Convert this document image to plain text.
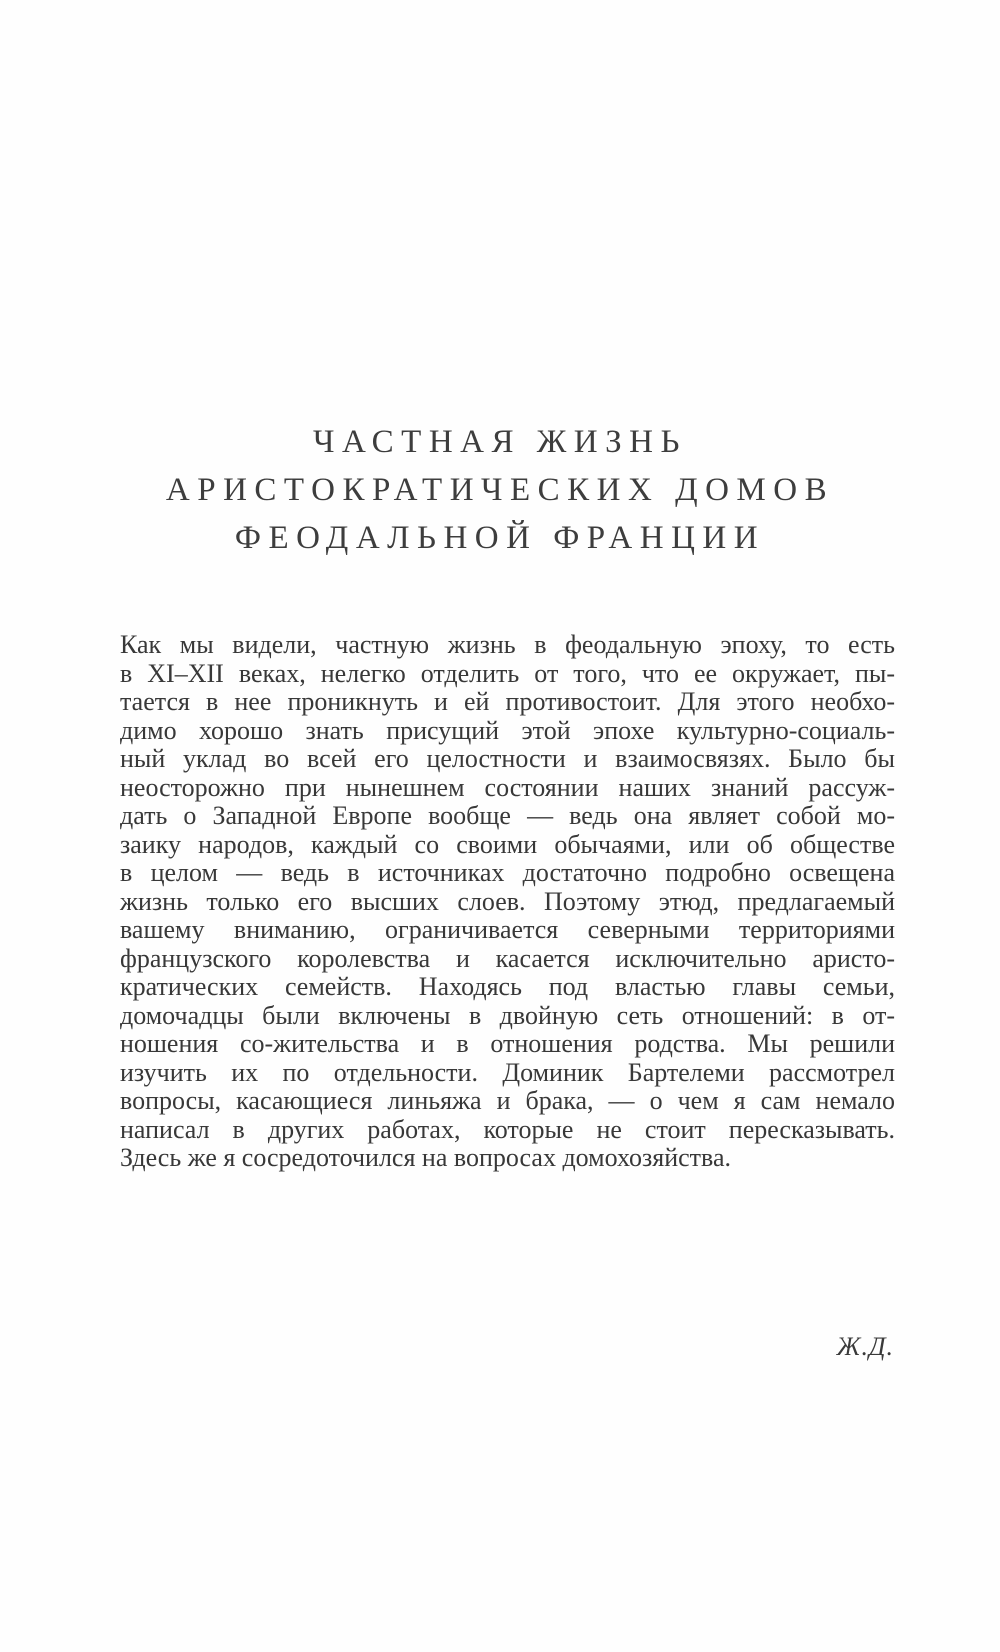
ЧАСТНАЯ ЖИЗНЬ
АРИСТОКРАТИЧЕСКИХ ДОМОВ
ФЕОДАЛЬНОЙ ФРАНЦИИ

Как мы видели, частную жизнь в феодальную эпоху, то есть
в XI–XII веках, нелегко отделить от того, что ее окружает, пы-
тается в нее проникнуть и ей противостоит. Для этого необхо-
димо хорошо знать присущий этой эпохе культурно-социаль-
ный уклад во всей его целостности и взаимосвязях. Было бы
неосторожно при нынешнем состоянии наших знаний рассуж-
дать о Западной Европе вообще — ведь она являет собой мо-
заику народов, каждый со своими обычаями, или об обществе
в целом — ведь в источниках достаточно подробно освещена
жизнь только его высших слоев. Поэтому этюд, предлагаемый
вашему вниманию, ограничивается северными территориями
французского королевства и касается исключительно аристо-
кратических семейств. Находясь под властью главы семьи,
домочадцы были включены в двойную сеть отношений: в от-
ношения со-жительства и в отношения родства. Мы решили
изучить их по отдельности. Доминик Бартелеми рассмотрел
вопросы, касающиеся линьяжа и брака, — о чем я сам немало
написал в других работах, которые не стоит пересказывать.
Здесь же я сосредоточился на вопросах домохозяйства.

Ж.Д.
